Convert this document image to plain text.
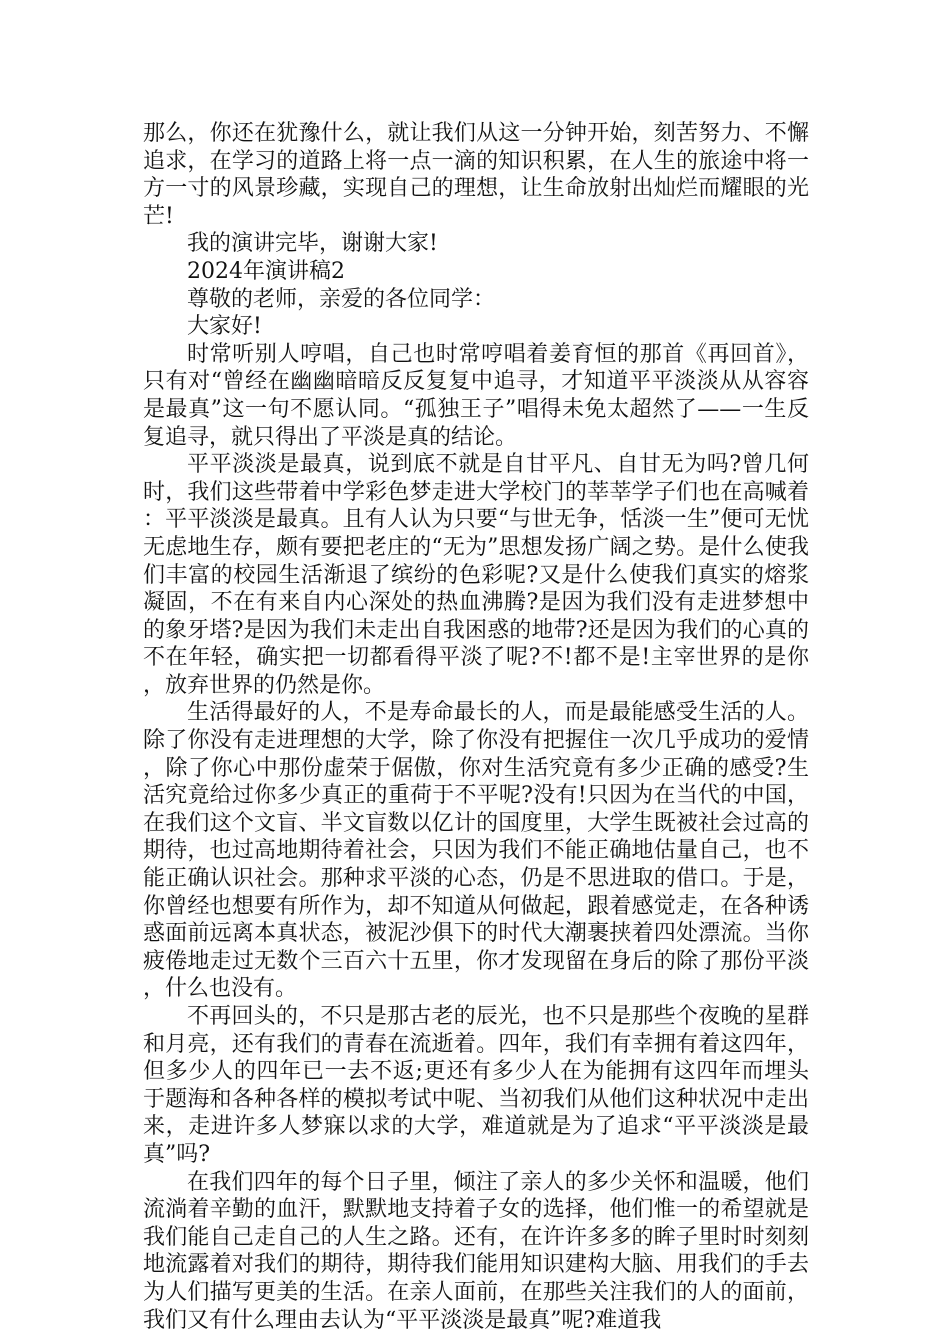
那么，你还在犹豫什么，就让我们从这一分钟开始，刻苦努力、不懈追求，在学习的道路上将一点一滴的知识积累，在人生的旅途中将一方一寸的风景珍藏，实现自己的理想，让生命放射出灿烂而耀眼的光芒!

我的演讲完毕，谢谢大家!

2024年演讲稿2

尊敬的老师，亲爱的各位同学：

大家好!

时常听别人哼唱，自己也时常哼唱着姜育恒的那首《再回首》，只有对“曾经在幽幽暗暗反反复复中追寻，才知道平平淡淡从从容容是最真”这一句不愿认同。“孤独王子”唱得未免太超然了——一生反复追寻，就只得出了平淡是真的结论。

平平淡淡是最真，说到底不就是自甘平凡、自甘无为吗?曾几何时，我们这些带着中学彩色梦走进大学校门的莘莘学子们也在高喊着：平平淡淡是最真。且有人认为只要“与世无争，恬淡一生”便可无忧无虑地生存，颇有要把老庄的“无为”思想发扬广阔之势。是什么使我们丰富的校园生活渐退了缤纷的色彩呢?又是什么使我们真实的熔浆凝固，不在有来自内心深处的热血沸腾?是因为我们没有走进梦想中的象牙塔?是因为我们未走出自我困惑的地带?还是因为我们的心真的不在年轻，确实把一切都看得平淡了呢?不!都不是!主宰世界的是你，放弃世界的仍然是你。

生活得最好的人，不是寿命最长的人，而是最能感受生活的人。除了你没有走进理想的大学，除了你没有把握住一次几乎成功的爱情，除了你心中那份虚荣于倨傲，你对生活究竟有多少正确的感受?生活究竟给过你多少真正的重荷于不平呢?没有!只因为在当代的中国，在我们这个文盲、半文盲数以亿计的国度里，大学生既被社会过高的期待，也过高地期待着社会，只因为我们不能正确地估量自己，也不能正确认识社会。那种求平淡的心态，仍是不思进取的借口。于是，你曾经也想要有所作为，却不知道从何做起，跟着感觉走，在各种诱惑面前远离本真状态，被泥沙俱下的时代大潮裹挟着四处漂流。当你疲倦地走过无数个三百六十五里，你才发现留在身后的除了那份平淡，什么也没有。

不再回头的，不只是那古老的辰光，也不只是那些个夜晚的星群和月亮，还有我们的青春在流逝着。四年，我们有幸拥有着这四年，但多少人的四年已一去不返;更还有多少人在为能拥有这四年而埋头于题海和各种各样的模拟考试中呢、当初我们从他们这种状况中走出来，走进许多人梦寐以求的大学，难道就是为了追求“平平淡淡是最真”吗?

在我们四年的每个日子里，倾注了亲人的多少关怀和温暖，他们流淌着辛勤的血汗，默默地支持着子女的选择，他们惟一的希望就是我们能自己走自己的人生之路。还有，在许许多多的眸子里时时刻刻地流露着对我们的期待，期待我们能用知识建构大脑、用我们的手去为人们描写更美的生活。在亲人面前，在那些关注我们的人的面前，我们又有什么理由去认为“平平淡淡是最真”呢?难道我
